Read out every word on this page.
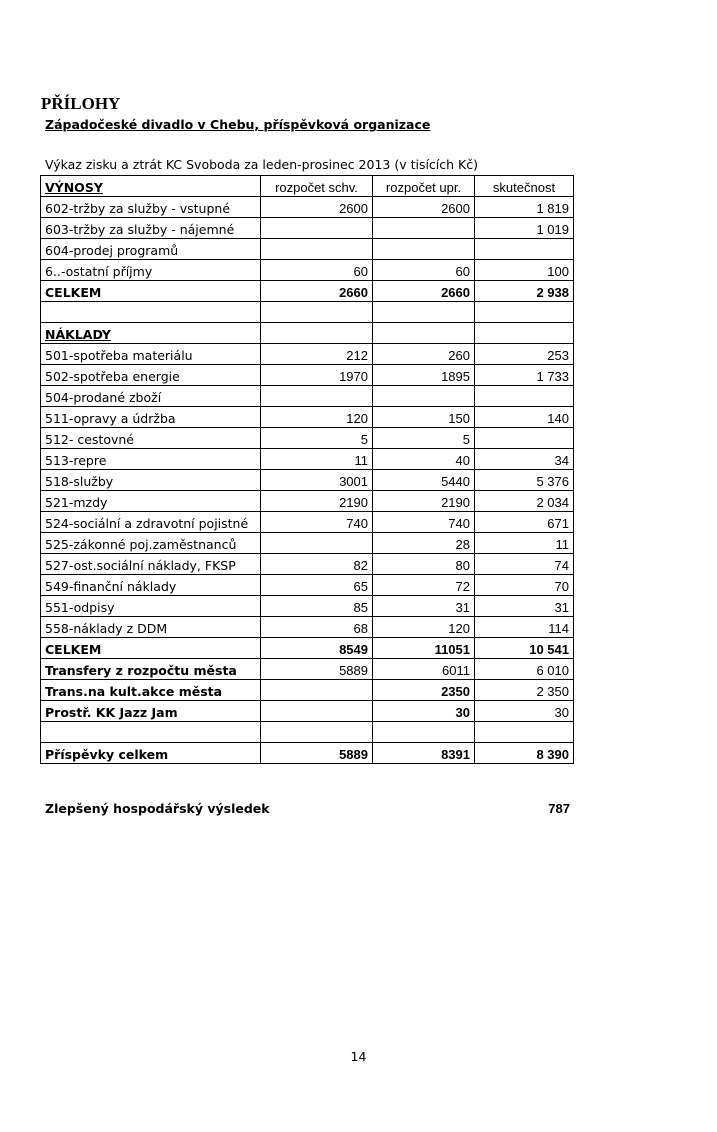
PŘÍLOHY
Západočeské divadlo v Chebu, příspěvková organizace
Výkaz zisku a ztrát KC Svoboda za leden-prosinec 2013 (v tisících Kč)
VÝNOSY	rozpočet schv.	rozpočet upr.	skutečnost
602-tržby za služby - vstupné	2600	2600	1 819
603-tržby za služby - nájemné			1 019
604-prodej programů			
6..-ostatní příjmy	60	60	100
CELKEM	2660	2660	2 938

NÁKLADY			
501-spotřeba materiálu	212	260	253
502-spotřeba energie	1970	1895	1 733
504-prodané zboží			
511-opravy a údržba	120	150	140
512- cestovné	5	5	
513-repre	11	40	34
518-služby	3001	5440	5 376
521-mzdy	2190	2190	2 034
524-sociální a zdravotní pojistné	740	740	671
525-zákonné poj.zaměstnanců		28	11
527-ost.sociální náklady, FKSP	82	80	74
549-finanční náklady	65	72	70
551-odpisy	85	31	31
558-náklady z DDM	68	120	114
CELKEM	8549	11051	10 541
Transfery z rozpočtu města	5889	6011	6 010
Trans.na kult.akce města		2350	2 350
Prostř. KK Jazz Jam		30	30

Příspěvky celkem	5889	8391	8 390
Zlepšený hospodářský výsledek	787
14
